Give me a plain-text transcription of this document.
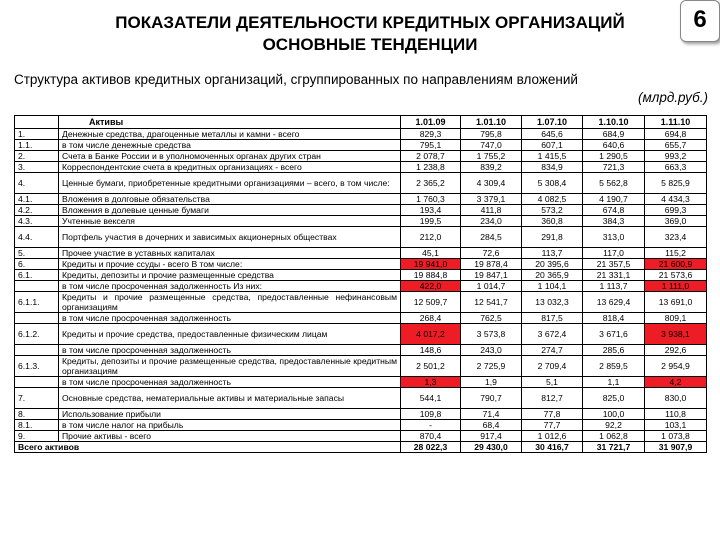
ПОКАЗАТЕЛИ ДЕЯТЕЛЬНОСТИ КРЕДИТНЫХ ОРГАНИЗАЦИЙ
ОСНОВНЫЕ ТЕНДЕНЦИИ
6
Структура активов кредитных организаций, сгруппированных по направлениям вложений
(млрд.руб.)
	Активы	1.01.09	1.01.10	1.07.10	1.10.10	1.11.10
1.	Денежные средства, драгоценные металлы и камни - всего	829,3	795,8	645,6	684,9	694,8
1.1.	в том числе денежные средства	795,1	747,0	607,1	640,6	655,7
2.	Счета в Банке России и в уполномоченных органах других стран	2 078,7	1 755,2	1 415,5	1 290,5	993,2
3.	Корреспондентские счета в кредитных организациях - всего	1 238,8	839,2	834,9	721,3	663,3
4.	Ценные бумаги, приобретенные кредитными организациями – всего, в том числе:	2 365,2	4 309,4	5 308,4	5 562,8	5 825,9
4.1.	Вложения в долговые обязательства	1 760,3	3 379,1	4 082,5	4 190,7	4 434,3
4.2.	Вложения в долевые ценные бумаги	193,4	411,8	573,2	674,8	699,3
4.3.	Учтенные векселя	199,5	234,0	360,8	384,3	369,0
4.4.	Портфель участия в дочерних и зависимых акционерных обществах	212,0	284,5	291,8	313,0	323,4
5.	Прочее участие в уставных капиталах	45,1	72,6	113,7	117,0	115,2
6.	Кредиты и прочие ссуды - всего В том числе:	19 941,0	19 878,4	20 395,6	21 357,5	21 600,9
6.1.	Кредиты, депозиты и прочие размещенные средства	19 884,8	19 847,1	20 365,9	21 331,1	21 573,6
	в том числе просроченная задолженность Из них:	422,0	1 014,7	1 104,1	1 113,7	1 111,0
6.1.1.	Кредиты и прочие размещенные средства, предоставленные нефинансовым организациям	12 509,7	12 541,7	13 032,3	13 629,4	13 691,0
	в том числе просроченная задолженность	268,4	762,5	817,5	818,4	809,1
6.1.2.	Кредиты и прочие средства, предоставленные физическим лицам	4 017,2	3 573,8	3 672,4	3 671,6	3 938,1
	в том числе просроченная задолженность	148,6	243,0	274,7	285,6	292,6
6.1.3.	Кредиты, депозиты и прочие размещенные средства, предоставленные кредитным организациям	2 501,2	2 725,9	2 709,4	2 859,5	2 954,9
	в том числе просроченная задолженность	1,3	1,9	5,1	1,1	4,2
7.	Основные средства, нематериальные активы и материальные запасы	544,1	790,7	812,7	825,0	830,0
8.	Использование прибыли	109,8	71,4	77,8	100,0	110,8
8.1.	в том числе налог на прибыль	-	68,4	77,7	92,2	103,1
9.	Прочие активы - всего	870,4	917,4	1 012,6	1 062,8	1 073,8
Всего активов		28 022,3	29 430,0	30 416,7	31 721,7	31 907,9
